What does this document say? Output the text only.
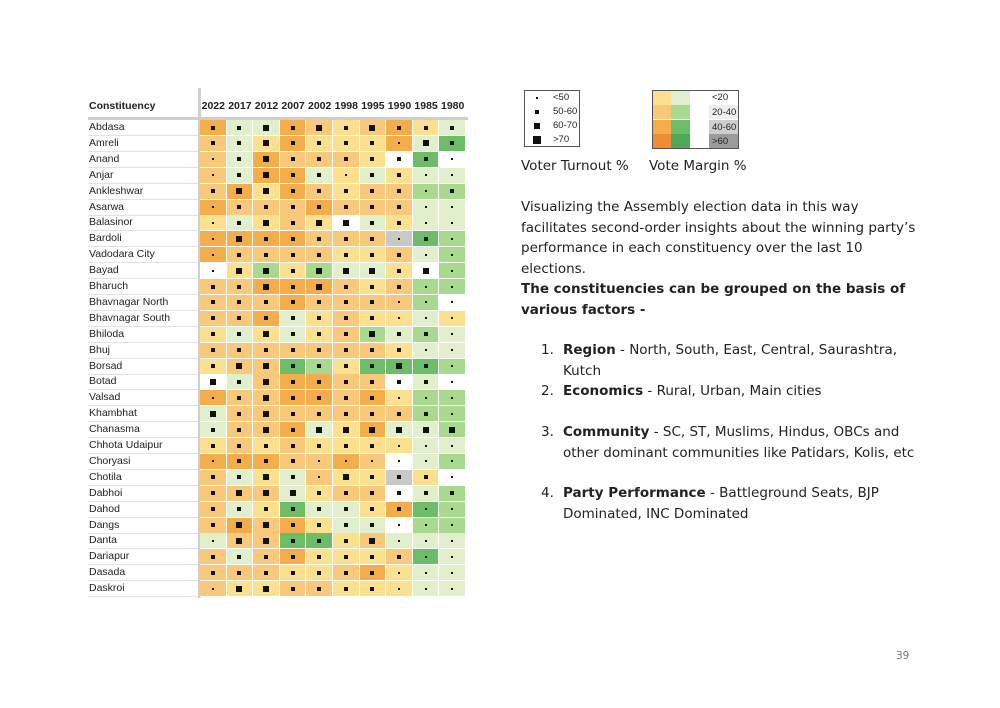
Constituency	2022 2017 2012 2007 2002 1998 1995 1990 1985 1980
Abdasa
Amreli
Anand
Anjar
Ankleshwar
Asarwa
Balasinor
Bardoli
Vadodara City
Bayad
Bharuch
Bhavnagar North
Bhavnagar South
Bhiloda
Bhuj
Borsad
Botad
Valsad
Khambhat
Chanasma
Chhota Udaipur
Choryasi
Chotila
Dabhoi
Dahod
Dangs
Danta
Dariapur
Dasada
Daskroi
<50
50-60
60-70
>70
<20
20-40
40-60
>60
Voter Turnout % Vote Margin %
Visualizing the Assembly election data in this way facilitates second-order insights about the winning party’s performance in each constituency over the last 10 elections.
The constituencies can be grouped on the basis of various factors -
1. Region - North, South, East, Central, Saurashtra, Kutch
2. Economics - Rural, Urban, Main cities
3. Community - SC, ST, Muslims, Hindus, OBCs and other dominant communities like Patidars, Kolis, etc
4. Party Performance - Battleground Seats, BJP Dominated, INC Dominated
39
